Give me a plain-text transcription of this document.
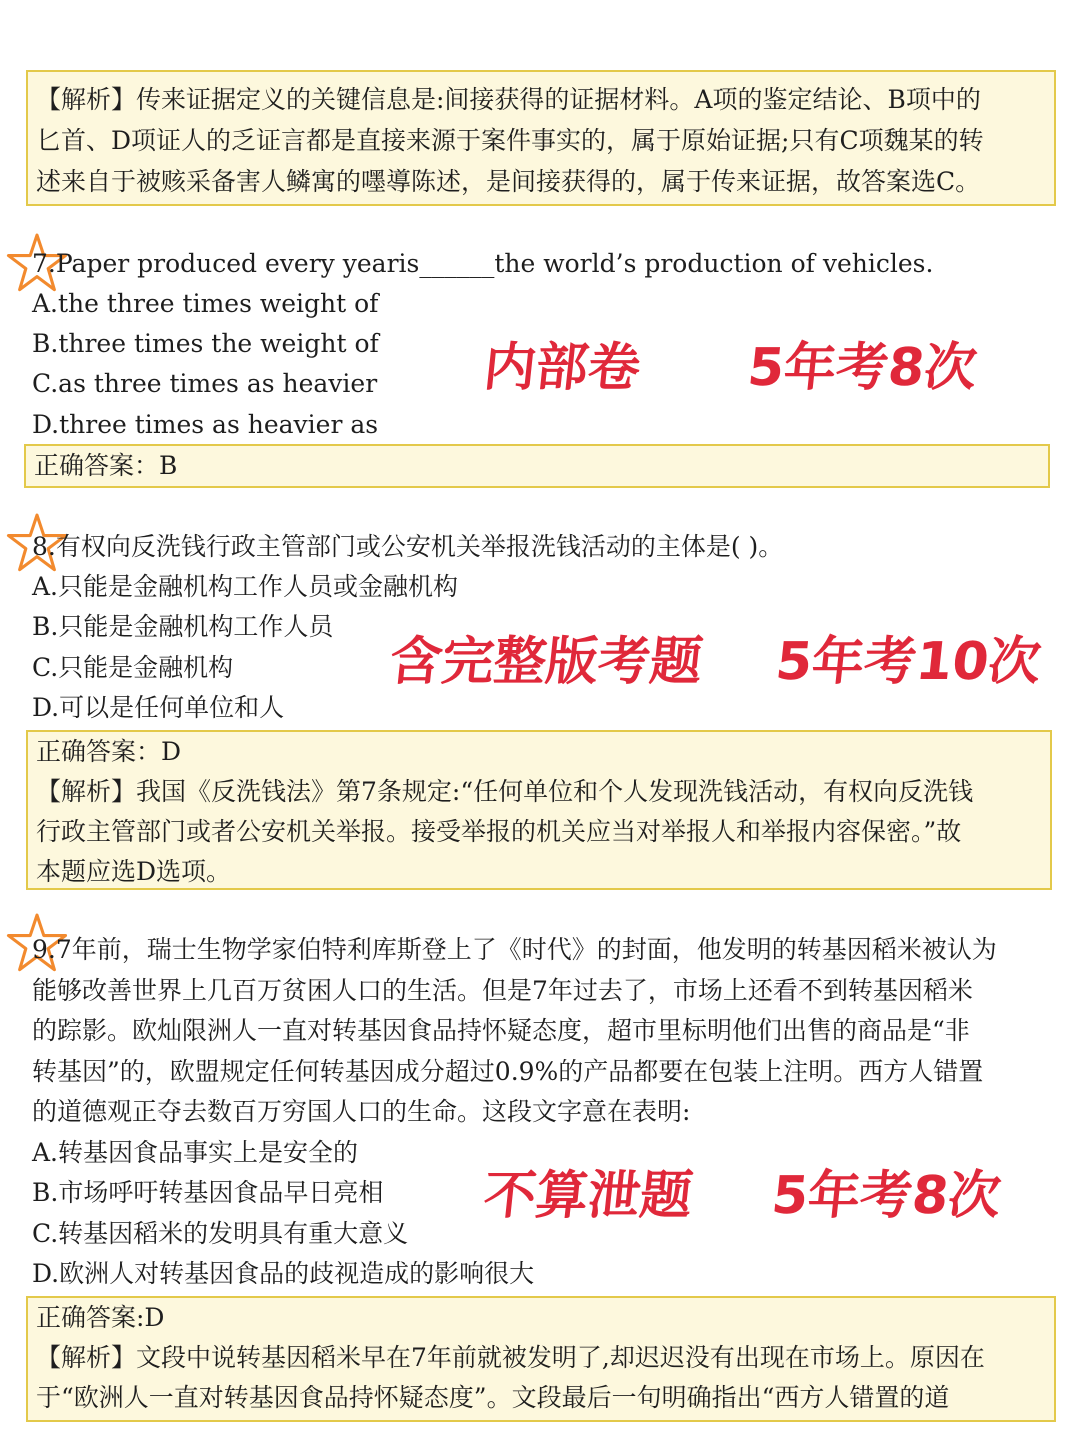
【解析】传来证据定义的关键信息是:间接获得的证据材料。A项的鉴定结论、B项中的
匕首、D项证人的乏证言都是直接来源于案件事实的，属于原始证据;只有C项魏某的转
述来自于被赅采备害人鳞寓的嚜導陈述，是间接获得的，属于传来证据，故答案选C。
7.Paper produced every yearis______the world’s production of vehicles.
A.the three times weight of
B.three times the weight of
C.as three times as heavier
D.three times as heavier as
内部卷 5年考8次
正确答案：B
8.有权向反洗钱行政主管部门或公安机关举报洗钱活动的主体是( )。
A.只能是金融机构工作人员或金融机构
B.只能是金融机构工作人员
C.只能是金融机构
D.可以是任何单位和人
含完整版考题 5年考10次
正确答案：D
【解析】我国《反洗钱法》第7条规定:“任何单位和个人发现洗钱活动，有权向反洗钱
行政主管部门或者公安机关举报。接受举报的机关应当对举报人和举报内容保密。”故
本题应选D选项。
9.7年前，瑞士生物学家伯特利库斯登上了《时代》的封面，他发明的转基因稻米被认为
能够改善世界上几百万贫困人口的生活。但是7年过去了，市场上还看不到转基因稻米
的踪影。欧灿限洲人一直对转基因食品持怀疑态度，超市里标明他们出售的商品是“非
转基因”的，欧盟规定任何转基因成分超过0.9%的产品都要在包装上注明。西方人错置
的道德观正夺去数百万穷国人口的生命。这段文字意在表明:
A.转基因食品事实上是安全的
B.市场呼吁转基因食品早日亮相
C.转基因稻米的发明具有重大意义
D.欧洲人对转基因食品的歧视造成的影响很大
不算泄题 5年考8次
正确答案:D
【解析】文段中说转基因稻米早在7年前就被发明了,却迟迟没有出现在市场上。原因在
于“欧洲人一直对转基因食品持怀疑态度”。文段最后一句明确指出“西方人错置的道
